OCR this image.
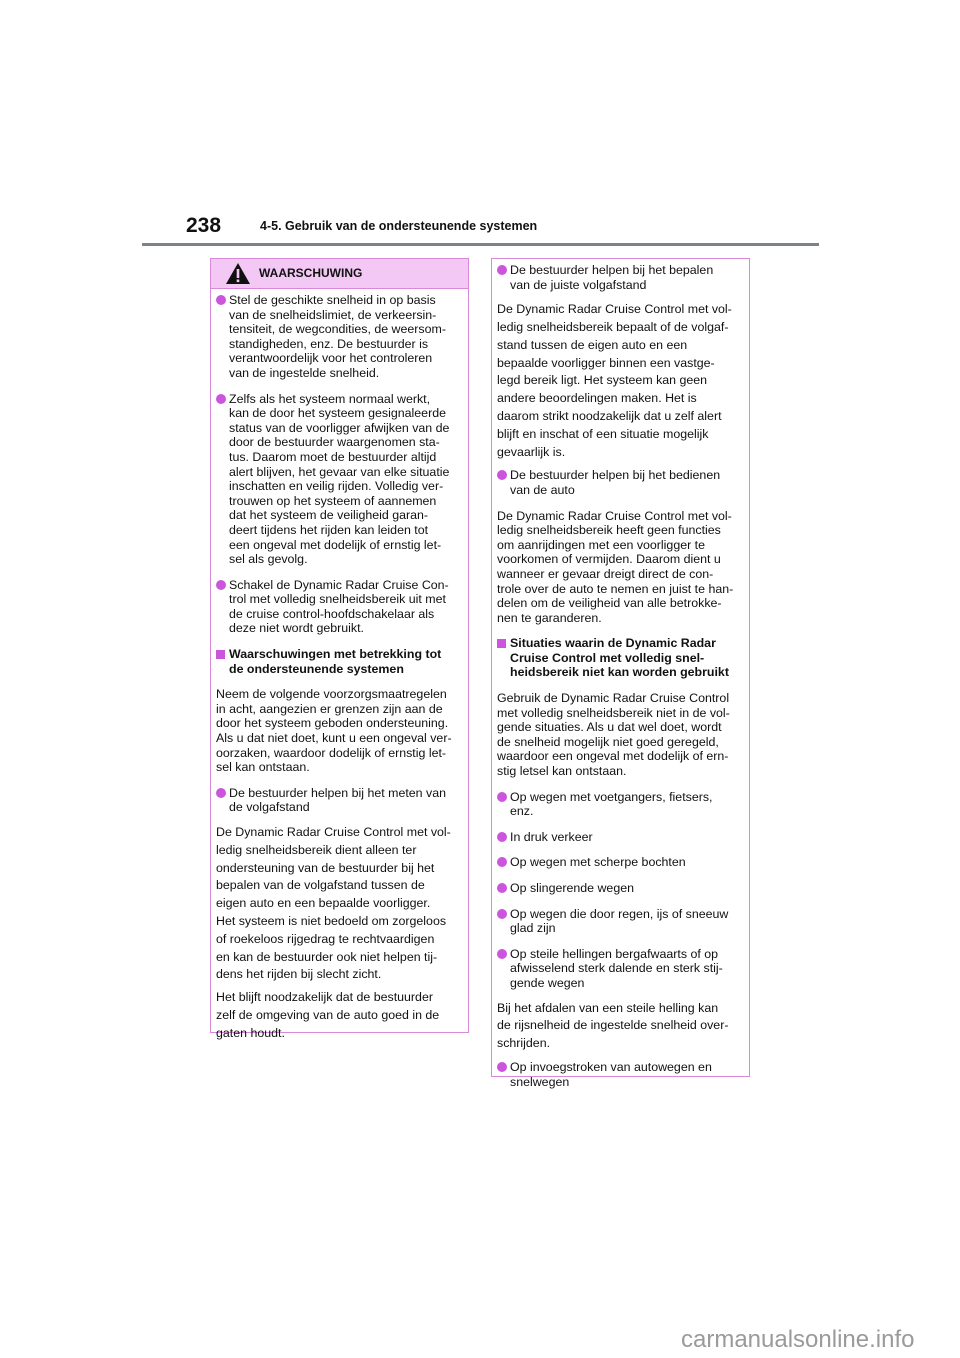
238	4-5. Gebruik van de ondersteunende systemen
WAARSCHUWING
Stel de geschikte snelheid in op basis
van de snelheidslimiet, de verkeersin-
tensiteit, de wegcondities, de weersom-
standigheden, enz. De bestuurder is
verantwoordelijk voor het controleren
van de ingestelde snelheid.
Zelfs als het systeem normaal werkt,
kan de door het systeem gesignaleerde
status van de voorligger afwijken van de
door de bestuurder waargenomen sta-
tus. Daarom moet de bestuurder altijd
alert blijven, het gevaar van elke situatie
inschatten en veilig rijden. Volledig ver-
trouwen op het systeem of aannemen
dat het systeem de veiligheid garan-
deert tijdens het rijden kan leiden tot
een ongeval met dodelijk of ernstig let-
sel als gevolg.
Schakel de Dynamic Radar Cruise Con-
trol met volledig snelheidsbereik uit met
de cruise control-hoofdschakelaar als
deze niet wordt gebruikt.
Waarschuwingen met betrekking tot
de ondersteunende systemen
Neem de volgende voorzorgsmaatregelen
in acht, aangezien er grenzen zijn aan de
door het systeem geboden ondersteuning.
Als u dat niet doet, kunt u een ongeval ver-
oorzaken, waardoor dodelijk of ernstig let-
sel kan ontstaan.
De bestuurder helpen bij het meten van
de volgafstand
De Dynamic Radar Cruise Control met vol-
ledig snelheidsbereik dient alleen ter
ondersteuning van de bestuurder bij het
bepalen van de volgafstand tussen de
eigen auto en een bepaalde voorligger.
Het systeem is niet bedoeld om zorgeloos
of roekeloos rijgedrag te rechtvaardigen
en kan de bestuurder ook niet helpen tij-
dens het rijden bij slecht zicht.
Het blijft noodzakelijk dat de bestuurder
zelf de omgeving van de auto goed in de
gaten houdt.
De bestuurder helpen bij het bepalen
van de juiste volgafstand
De Dynamic Radar Cruise Control met vol-
ledig snelheidsbereik bepaalt of de volgaf-
stand tussen de eigen auto en een
bepaalde voorligger binnen een vastge-
legd bereik ligt. Het systeem kan geen
andere beoordelingen maken. Het is
daarom strikt noodzakelijk dat u zelf alert
blijft en inschat of een situatie mogelijk
gevaarlijk is.
De bestuurder helpen bij het bedienen
van de auto
De Dynamic Radar Cruise Control met vol-
ledig snelheidsbereik heeft geen functies
om aanrijdingen met een voorligger te
voorkomen of vermijden. Daarom dient u
wanneer er gevaar dreigt direct de con-
trole over de auto te nemen en juist te han-
delen om de veiligheid van alle betrokke-
nen te garanderen.
Situaties waarin de Dynamic Radar
Cruise Control met volledig snel-
heidsbereik niet kan worden gebruikt
Gebruik de Dynamic Radar Cruise Control
met volledig snelheidsbereik niet in de vol-
gende situaties. Als u dat wel doet, wordt
de snelheid mogelijk niet goed geregeld,
waardoor een ongeval met dodelijk of ern-
stig letsel kan ontstaan.
Op wegen met voetgangers, fietsers,
enz.
In druk verkeer
Op wegen met scherpe bochten
Op slingerende wegen
Op wegen die door regen, ijs of sneeuw
glad zijn
Op steile hellingen bergafwaarts of op
afwisselend sterk dalende en sterk stij-
gende wegen
Bij het afdalen van een steile helling kan
de rijsnelheid de ingestelde snelheid over-
schrijden.
Op invoegstroken van autowegen en
snelwegen
carmanualsonline.info
